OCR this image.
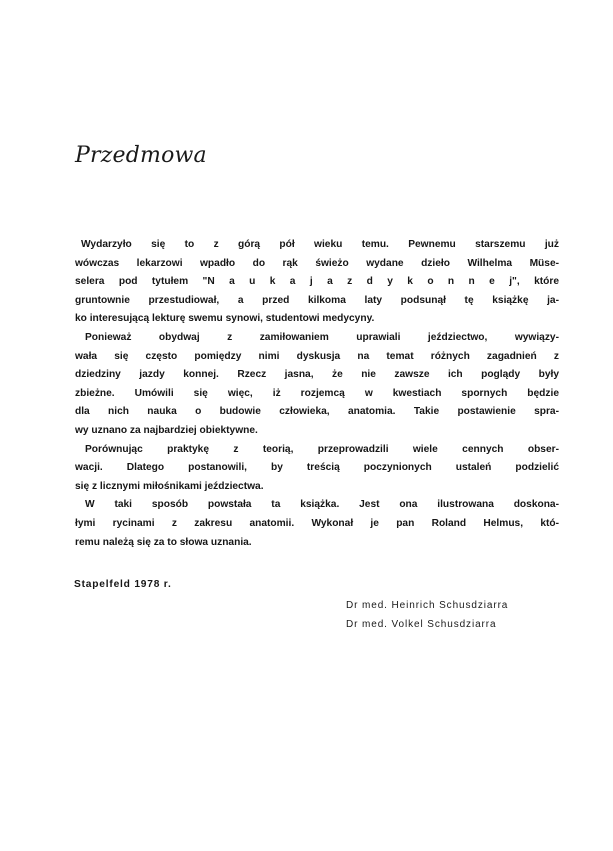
Przedmowa
Wydarzyło się to z górą pół wieku temu. Pewnemu starszemu już
wówczas lekarzowi wpadło do rąk świeżo wydane dzieło Wilhelma Müse-
selera pod tytułem "N a u k a j a z d y k o n n e j", które
gruntownie przestudiował, a przed kilkoma laty podsunął tę książkę ja-
ko interesującą lekturę swemu synowi, studentowi medycyny.
Ponieważ obydwaj z zamiłowaniem uprawiali jeździectwo, wywiązy-
wała się często pomiędzy nimi dyskusja na temat różnych zagadnień z
dziedziny jazdy konnej. Rzecz jasna, że nie zawsze ich poglądy były
zbieżne. Umówili się więc, iż rozjemcą w kwestiach spornych będzie
dla nich nauka o budowie człowieka, anatomia. Takie postawienie spra-
wy uznano za najbardziej obiektywne.
Porównując praktykę z teorią, przeprowadzili wiele cennych obser-
wacji. Dlatego postanowili, by treścią poczynionych ustaleń podzielić
się z licznymi miłośnikami jeździectwa.
W taki sposób powstała ta książka. Jest ona ilustrowana doskona-
łymi rycinami z zakresu anatomii. Wykonał je pan Roland Helmus, któ-
remu należą się za to słowa uznania.
Stapelfeld 1978 r.
Dr med. Heinrich Schusdziarra
Dr med. Volkel Schusdziarra
